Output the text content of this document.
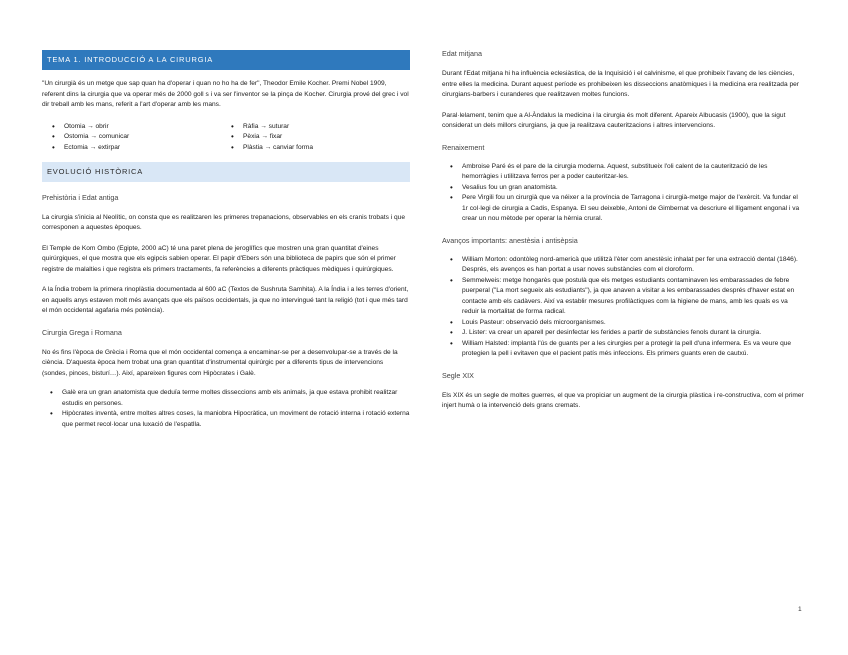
TEMA 1. INTRODUCCIÓ A LA CIRURGIA

"Un cirurgià és un metge que sap quan ha d'operar i quan no ho ha de fer", Theodor Emile Kocher. Premi Nobel 1909, referent dins la cirurgia que va operar més de 2000 goll s i va ser l'inventor se la pinça de Kocher. Cirurgia prové del grec i vol dir treball amb les mans, referit a l'art d'operar amb les mans.

• Otomia → obrir
• Ostomia → comunicar
• Ectomia → extirpar
• Ràfia → suturar
• Pèxia → fixar
• Plàstia → canviar forma
EVOLUCIÓ HISTÒRICA

Prehistòria i Edat antiga

La cirurgia s'inicia al Neolític, on consta que es realitzaren les primeres trepanacions, observables en els cranis trobats i que corresponen a aquestes èpoques.

El Temple de Kom Ombo (Egipte, 2000 aC) té una paret plena de jeroglífics que mostren una gran quantitat d'eines quirúrgiques, el que mostra que els egipcis sabien operar. El papir d'Ebers són una biblioteca de papirs que són el primer registre de malalties i que registra els primers tractaments, fa referències a diferents pràctiques mèdiques i quirúrgiques.

A la Índia trobem la primera rinoplàstia documentada al 600 aC (Textos de Sushruta Samhita). A la Índia i a les terres d'orient, en aquells anys estaven molt més avançats que els països occidentals, ja que no intervingué tant la religió (tot i que més tard el món occidental agafaria més potència).

Cirurgia Grega i Romana

No és fins l'època de Grècia i Roma que el món occidental comença a encaminar-se per a desenvolupar-se a través de la ciència. D'aquesta època hem trobat una gran quantitat d'instrumental quirúrgic per a diferents tipus de intervencions (sondes, pinces, bisturí…). Així, apareixen figures com Hipòcrates i Galè.

• Galè era un gran anatomista que deduïa terme moltes disseccions amb els animals, ja que estava prohibit realitzar estudis en persones.
• Hipòcrates inventà, entre moltes altres coses, la maniobra Hipocràtica, un moviment de rotació interna i rotació externa que permet recol·locar una luxació de l'espatlla.

Edat mitjana

Durant l'Edat mitjana hi ha influència eclesiàstica, de la Inquisició i el calvinisme, el que prohibeix l'avanç de les ciències, entre elles la medicina. Durant aquest període es prohibeixen les disseccions anatòmiques i la medicina era realitzada per cirurgians-barbers i curanderes que realitzaven moltes funcions.

Paral·lelament, tenim que a Al-Àndalus la medicina i la cirurgia és molt diferent. Apareix Albucasis (1900), que la sigut considerat un dels millors cirurgians, ja que ja realitzava cauteritzacions i altres intervencions.

Renaixement

• Ambroise Paré és el pare de la cirurgia moderna. Aquest, substitueix l'oli calent de la cauterització de les hemorràgies i utilitzava ferros per a poder cauteritzar-les.
• Vesalius fou un gran anatomista.
• Pere Virgili fou un cirurgià que va néixer a la província de Tarragona i cirurgià-metge major de l'exèrcit. Va fundar el 1r col·legi de cirurgia a Cadis, Espanya. El seu deixeble, Antoni de Gimbernat va descriure el lligament engonal i va crear un nou mètode per operar la hèrnia crural.

Avanços importants: anestèsia i antisèpsia

• William Morton: odontòleg nord-americà que utilitzà l'èter com anestèsic inhalat per fer una extracció dental (1846). Després, els avenços es han portat a usar noves substàncies com el cloroform.
• Semmelweis: metge hongarès que postulà que els metges estudiants contaminaven les embarassades de febre puerperal ("La mort segueix als estudiants"), ja que anaven a visitar a les embarassades després d'haver estat en contacte amb els cadàvers. Així va establir mesures profilàctiques com la higiene de mans, amb les quals es va reduir la mortalitat de forma radical.
• Louis Pasteur: observació dels microorganismes.
• J. Lister: va crear un aparell per desinfectar les ferides a partir de substàncies fenols durant la cirurgia.
• William Halsted: implantà l'ús de guants per a les cirurgies per a protegir la pell d'una infermera. Es va veure que protegien la pell i evitaven que el pacient patís més infeccions. Els primers guants eren de cautxú.

Segle XIX

Els XIX és un segle de moltes guerres, el que va propiciar un augment de la cirurgia plàstica i re-constructiva, com el primer injert humà o la intervenció dels grans cremats.

1
